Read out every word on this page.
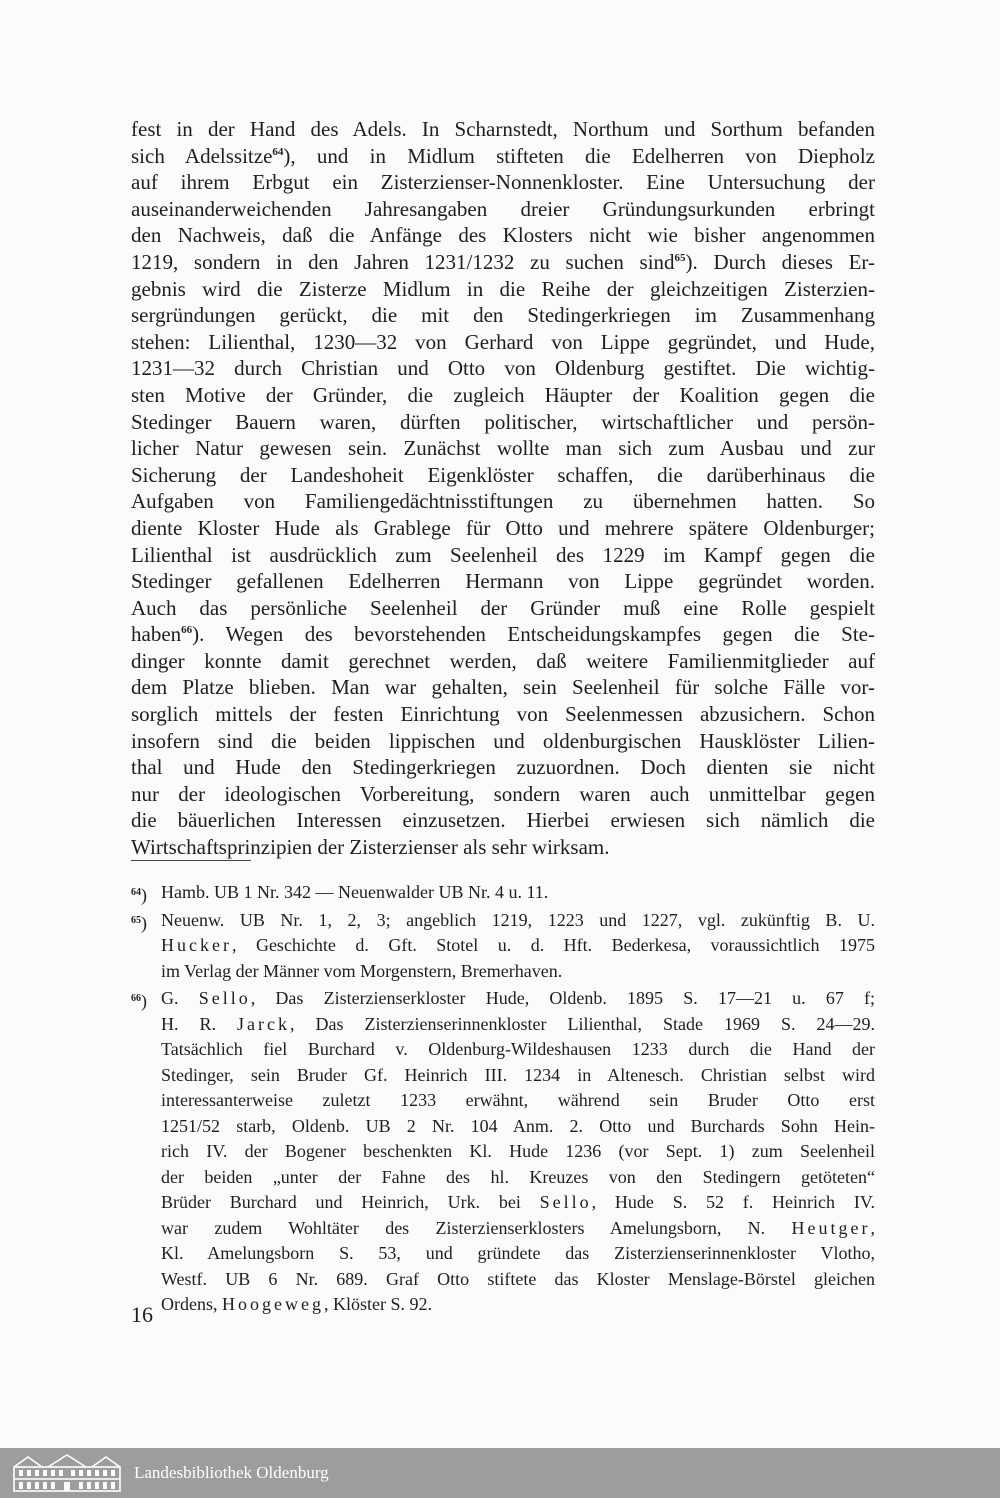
fest in der Hand des Adels. In Scharnstedt, Northum und Sorthum befanden
sich Adelssitze$^{64}$), und in Midlum stifteten die Edelherren von Diepholz
auf ihrem Erbgut ein Zisterzienser-Nonnenkloster. Eine Untersuchung der
auseinanderweichenden Jahresangaben dreier Gründungsurkunden erbringt
den Nachweis, daß die Anfänge des Klosters nicht wie bisher angenommen
1219, sondern in den Jahren 1231/1232 zu suchen sind$^{65}$). Durch dieses Er-
gebnis wird die Zisterze Midlum in die Reihe der gleichzeitigen Zisterzien-
sergründungen gerückt, die mit den Stedingerkriegen im Zusammenhang
stehen: Lilienthal, 1230—32 von Gerhard von Lippe gegründet, und Hude,
1231—32 durch Christian und Otto von Oldenburg gestiftet. Die wichtig-
sten Motive der Gründer, die zugleich Häupter der Koalition gegen die
Stedinger Bauern waren, dürften politischer, wirtschaftlicher und persön-
licher Natur gewesen sein. Zunächst wollte man sich zum Ausbau und zur
Sicherung der Landeshoheit Eigenklöster schaffen, die darüberhinaus die
Aufgaben von Familiengedächtnisstiftungen zu übernehmen hatten. So
diente Kloster Hude als Grablege für Otto und mehrere spätere Oldenburger;
Lilienthal ist ausdrücklich zum Seelenheil des 1229 im Kampf gegen die
Stedinger gefallenen Edelherren Hermann von Lippe gegründet worden.
Auch das persönliche Seelenheil der Gründer muß eine Rolle gespielt
haben$^{66}$). Wegen des bevorstehenden Entscheidungskampfes gegen die Ste-
dinger konnte damit gerechnet werden, daß weitere Familienmitglieder auf
dem Platze blieben. Man war gehalten, sein Seelenheil für solche Fälle vor-
sorglich mittels der festen Einrichtung von Seelenmessen abzusichern. Schon
insofern sind die beiden lippischen und oldenburgischen Hausklöster Lilien-
thal und Hude den Stedingerkriegen zuzuordnen. Doch dienten sie nicht
nur der ideologischen Vorbereitung, sondern waren auch unmittelbar gegen
die bäuerlichen Interessen einzusetzen. Hierbei erwiesen sich nämlich die
Wirtschaftsprinzipien der Zisterzienser als sehr wirksam.
$^{64}$) Hamb. UB 1 Nr. 342 — Neuenwalder UB Nr. 4 u. 11.
$^{65}$) Neuenw. UB Nr. 1, 2, 3; angeblich 1219, 1223 und 1227, vgl. zukünftig B. U.
Hucker, Geschichte d. Gft. Stotel u. d. Hft. Bederkesa, voraussichtlich 1975
im Verlag der Männer vom Morgenstern, Bremerhaven.
$^{66}$) G. Sello, Das Zisterzienserkloster Hude, Oldenb. 1895 S. 17—21 u. 67 f;
H. R. Jarck, Das Zisterzienserinnenkloster Lilienthal, Stade 1969 S. 24—29.
Tatsächlich fiel Burchard v. Oldenburg-Wildeshausen 1233 durch die Hand der
Stedinger, sein Bruder Gf. Heinrich III. 1234 in Altenesch. Christian selbst wird
interessanterweise zuletzt 1233 erwähnt, während sein Bruder Otto erst
1251/52 starb, Oldenb. UB 2 Nr. 104 Anm. 2. Otto und Burchards Sohn Hein-
rich IV. der Bogener beschenkten Kl. Hude 1236 (vor Sept. 1) zum Seelenheil
der beiden „unter der Fahne des hl. Kreuzes von den Stedingern getöteten“
Brüder Burchard und Heinrich, Urk. bei Sello, Hude S. 52 f. Heinrich IV.
war zudem Wohltäter des Zisterzienserklosters Amelungsborn, N. Heutger,
Kl. Amelungsborn S. 53, und gründete das Zisterzienserinnenkloster Vlotho,
Westf. UB 6 Nr. 689. Graf Otto stiftete das Kloster Menslage-Börstel gleichen
Ordens, Hoogeweg, Klöster S. 92.
16
Landesbibliothek Oldenburg
